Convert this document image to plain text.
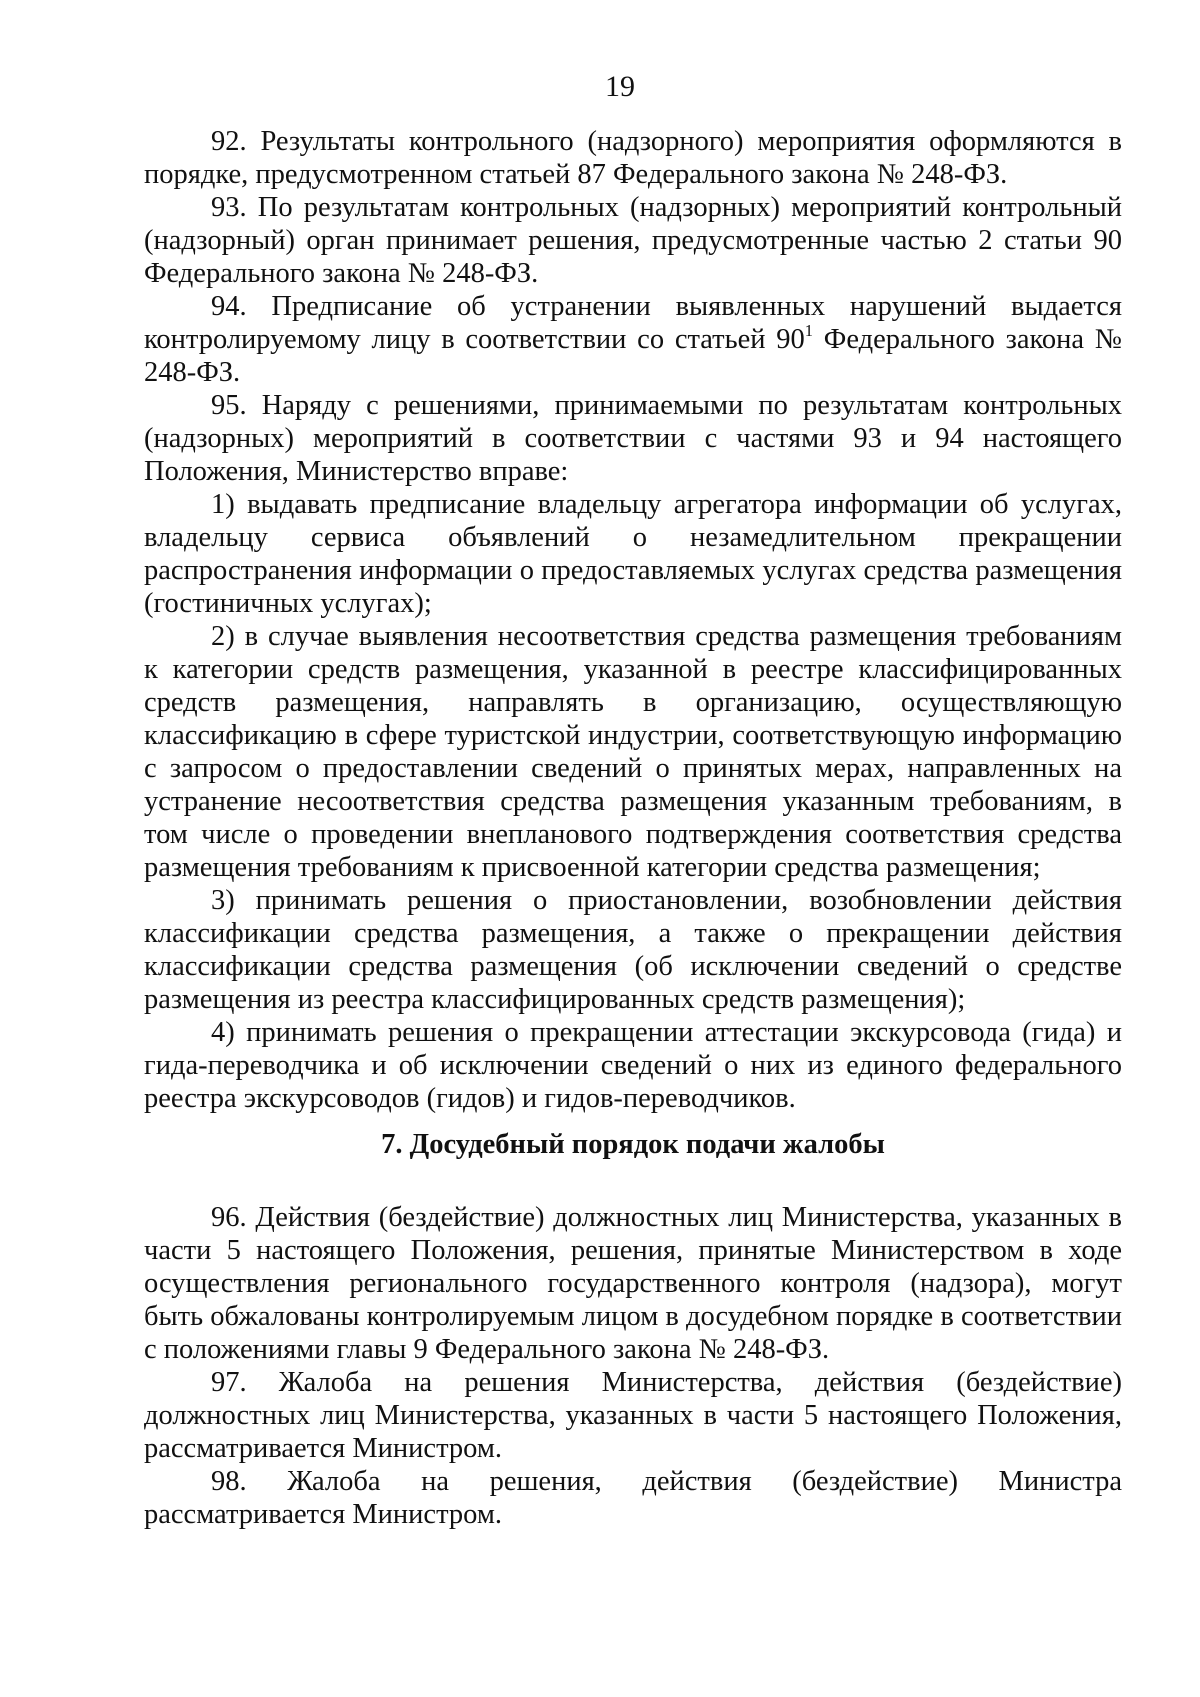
19

92. Результаты контрольного (надзорного) мероприятия оформляются в порядке, предусмотренном статьей 87 Федерального закона № 248-ФЗ.

93. По результатам контрольных (надзорных) мероприятий контрольный (надзорный) орган принимает решения, предусмотренные частью 2 статьи 90 Федерального закона № 248-ФЗ.

94. Предписание об устранении выявленных нарушений выдается контролируемому лицу в соответствии со статьей $90^1$ Федерального закона № 248-ФЗ.

95. Наряду с решениями, принимаемыми по результатам контрольных (надзорных) мероприятий в соответствии с частями 93 и 94 настоящего Положения, Министерство вправе:

1) выдавать предписание владельцу агрегатора информации об услугах, владельцу сервиса объявлений о незамедлительном прекращении распространения информации о предоставляемых услугах средства размещения (гостиничных услугах);

2) в случае выявления несоответствия средства размещения требованиям к категории средств размещения, указанной в реестре классифицированных средств размещения, направлять в организацию, осуществляющую классификацию в сфере туристской индустрии, соответствующую информацию с запросом о предоставлении сведений о принятых мерах, направленных на устранение несоответствия средства размещения указанным требованиям, в том числе о проведении внепланового подтверждения соответствия средства размещения требованиям к присвоенной категории средства размещения;

3) принимать решения о приостановлении, возобновлении действия классификации средства размещения, а также о прекращении действия классификации средства размещения (об исключении сведений о средстве размещения из реестра классифицированных средств размещения);

4) принимать решения о прекращении аттестации экскурсовода (гида) и гида-переводчика и об исключении сведений о них из единого федерального реестра экскурсоводов (гидов) и гидов-переводчиков.

7. Досудебный порядок подачи жалобы

96. Действия (бездействие) должностных лиц Министерства, указанных в части 5 настоящего Положения, решения, принятые Министерством в ходе осуществления регионального государственного контроля (надзора), могут быть обжалованы контролируемым лицом в досудебном порядке в соответствии с положениями главы 9 Федерального закона № 248-ФЗ.

97. Жалоба на решения Министерства, действия (бездействие) должностных лиц Министерства, указанных в части 5 настоящего Положения, рассматривается Министром.

98. Жалоба на решения, действия (бездействие) Министра рассматривается Министром.
